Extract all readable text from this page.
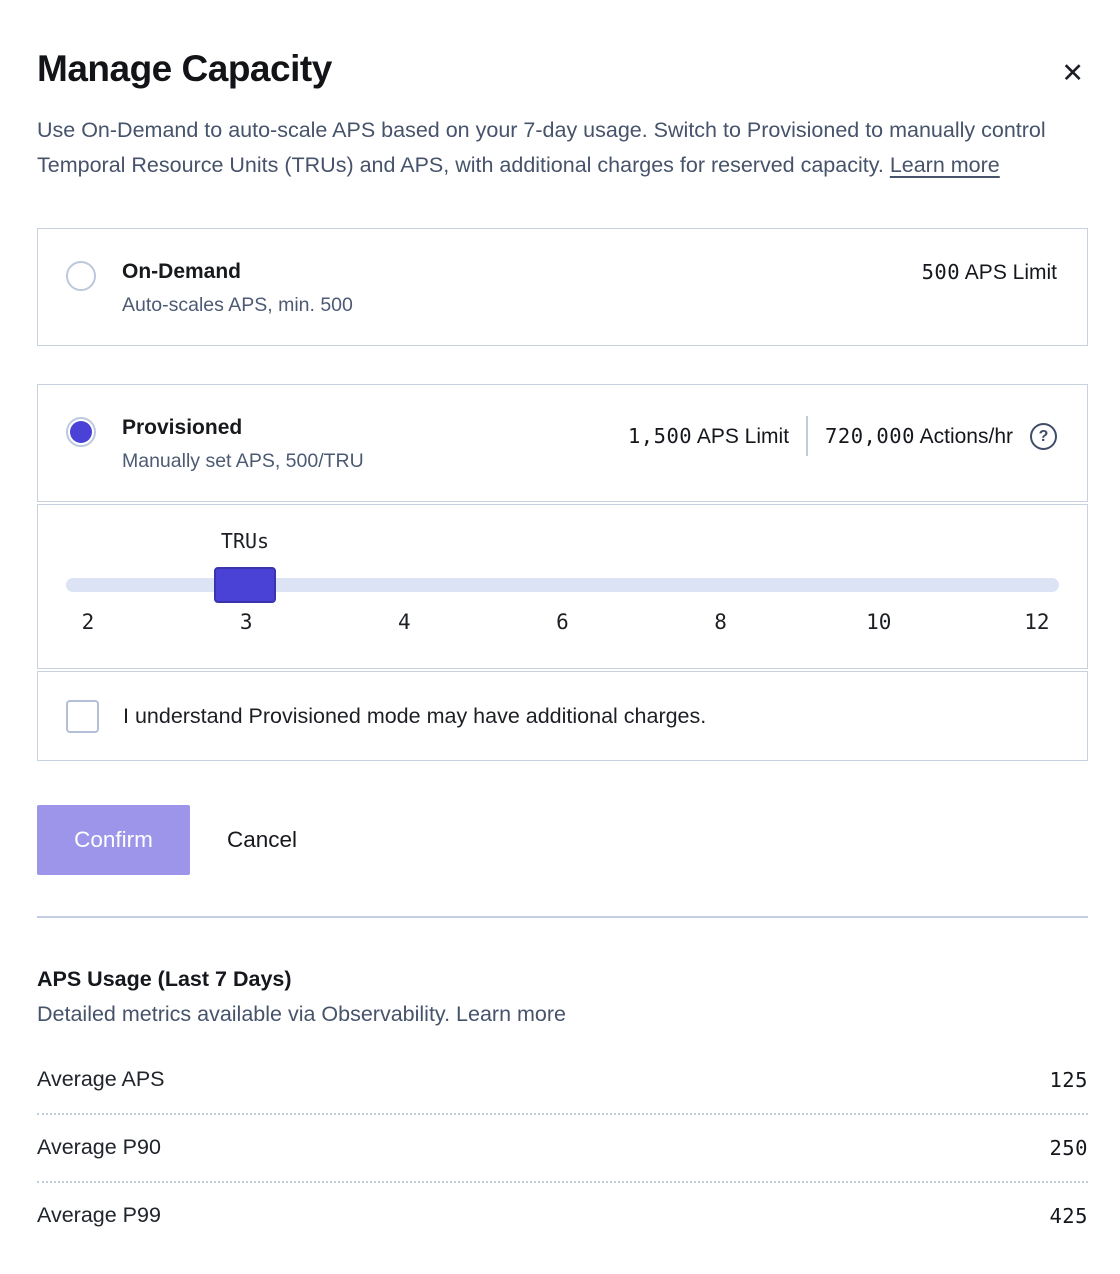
Manage Capacity	✕

Use On-Demand to auto-scale APS based on your 7-day usage. Switch to Provisioned to manually control Temporal Resource Units (TRUs) and APS, with additional charges for reserved capacity. Learn more

On-Demand
Auto-scales APS, min. 500
500 APS Limit
Provisioned
Manually set APS, 500/TRU
1,500 APS Limit 720,000 Actions/hr	?
TRUs
2	3	4	6	8	10	12
I understand Provisioned mode may have additional charges.
Confirm	Cancel
APS Usage (Last 7 Days)

Detailed metrics available via Observability. Learn more

Average APS	125
Average P90	250
Average P99	425
